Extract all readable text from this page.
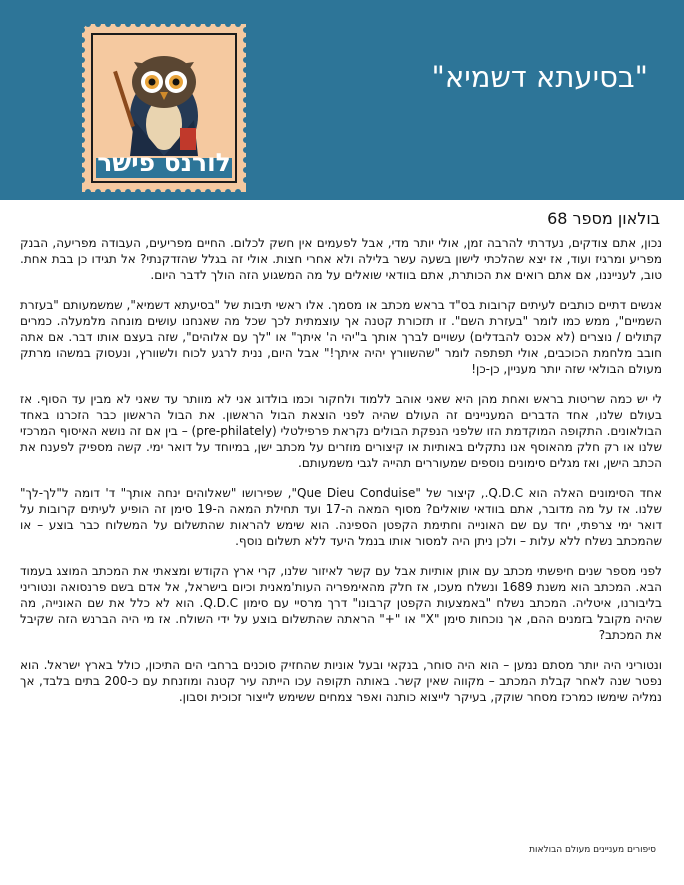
לורנס פישר
"בסיעתא דשמיא"
בולאון מספר 68

נכון, אתם צודקים, נעדרתי להרבה זמן, אולי יותר מדי, אבל לפעמים אין חשק לכלום. החיים מפריעים, העבודה מפריעה, הבנק מפריע ומרגיז ועוד, אז יצא שהלכתי לישון בשעה עשר בלילה ולא אחרי חצות. אולי זה בגלל שהזדקנתי? אל תגידו כן בבת אחת. טוב, לענייננו, אם אתם רואים את הכותרת, אתם בוודאי שואלים על מה המשגוע הזה הולך לדבר היום.

אנשים דתיים כותבים לעיתים קרובות בס"ד בראש מכתב או מסמך. אלו ראשי תיבות של "בסיעתא דשמיא", שמשמעותם "בעזרת השמיים", ממש כמו לומר "בעזרת השם". זו תזכורת קטנה אך עוצמתית לכך שכל מה שאנחנו עושים מונחה מלמעלה. כמרים קתולים / נוצרים (לא אכנס להבדלים) עשויים לברך אותך ב"יהי ה' איתך" או "לך עם אלוהים", שזה בעצם אותו דבר. אם אתה חובב מלחמת הכוכבים, אולי תפתפה לומר "שהשוורץ יהיה איתך!" אבל היום, ננית לרגע לכוח ולשוורץ, ונעסוק במשהו מרתק מעולם הבולאי שזה יותר מעניין, כן-כן!

לי יש כמה שריטות בראש ואחת מהן היא שאני אוהב ללמוד ולחקור וכמו בולדוג אני לא מוותר עד שאני לא מבין עד הסוף. אז בעולם שלנו, אחד הדברים המעניינים זה העולם שהיה לפני הוצאת הבול הראשון. את הבול הראשון כבר הזכרנו באחד הבולאונים. התקופה המוקדמת הזו שלפני הנפקת הבולים נקראת פרפילטלי (pre-philately) – בין אם זה נושא האיסוף המרכזי שלנו או רק חלק מהאוסף אנו נתקלים באותיות או קיצורים מוזרים על מכתב ישן, במיוחד על דואר ימי. קשה מספיק לפענח את הכתב הישן, ואז מגלים סימונים נוספים שמעוררים תהייה לגבי משמעותם.

אחד הסימונים האלה הוא Q.D.C., קיצור של "Que Dieu Conduise", שפירושו "שאלוהים ינחה אותך" ד' דומה ל"לך-לך" שלנו. אז על מה מדובר, אתם בוודאי שואלים? מסוף המאה ה-17 ועד תחילת המאה ה-19 סימן זה הופיע לעיתים קרובות על דואר ימי צרפתי, יחד עם שם האונייה וחתימת הקפטן הספינה. הוא שימש להראות שהתשלום על המשלוח כבר בוצע – או שהמכתב נשלח ללא עלות – ולכן ניתן היה למסור אותו בנמל היעד ללא תשלום נוסף.

לפני מספר שנים חיפשתי מכתב עם אותן אותיות אבל עם קשר לאיזור שלנו, קרי ארץ הקודש ומצאתי את המכתב המוצג בעמוד הבא. המכתב הוא משנת 1689 ונשלח מעכו, אז חלק מהאימפריה העות'מאנית וכיום בישראל, אל אדם בשם פרנסואה ונטוריני בליבורנו, איטליה. המכתב נשלח "באמצעות הקפטן קרבונו" דרך מרסיי עם סימון Q.D.C. הוא לא כלל את שם האונייה, מה שהיה מקובל בזמנים ההם, אך נוכחות סימן "X" או "+" הראתה שהתשלום בוצע על ידי השולח. אז מי היה הברנש הזה שקיבל את המכתב?

ונטוריני היה יותר מסתם נמען – הוא היה סוחר, בנקאי ובעל אוניות שהחזיק סוכנים ברחבי הים התיכון, כולל בארץ ישראל. הוא נפטר שנה לאחר קבלת המכתב – מקווה שאין קשר. באותה תקופה עכו הייתה עיר קטנה ומוזנחת עם כ-200 בתים בלבד, אך נמליה שימשו כמרכז מסחר שוקק, בעיקר לייצוא כותנה ואפר צמחים ששימש לייצור זכוכית וסבון.

סיפורים מעניינים מעולם הבולאות
